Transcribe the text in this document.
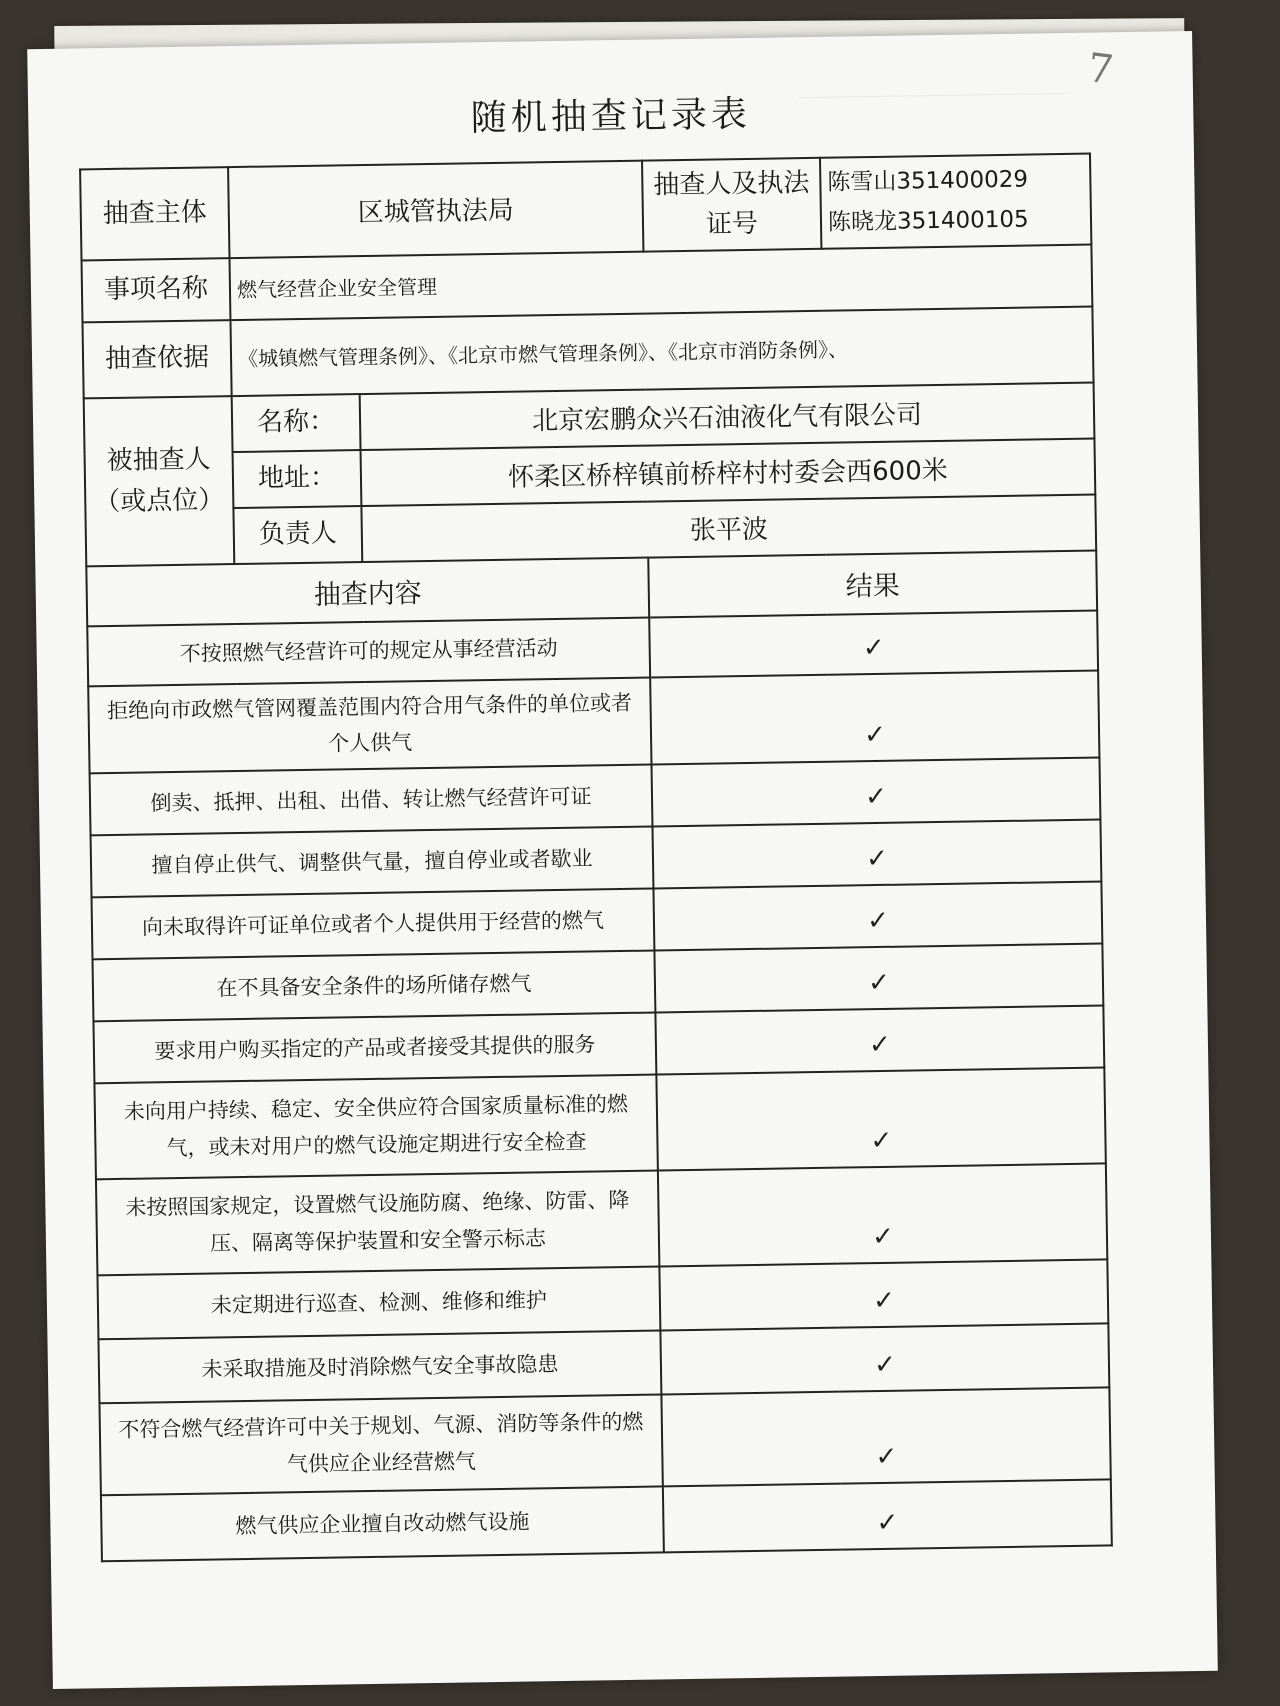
7
随机抽查记录表
抽查主体	区城管执法局		抽查人及执法证号	陈雪山351400029
陈晓龙351400105

事项名称	燃气经营企业安全管理			
抽查依据	《城镇燃气管理条例》、《北京市燃气管理条例》、《北京市消防条例》、			
被抽查人（或点位）	名称：	北京宏鹏众兴石油液化气有限公司		
	地址：	怀柔区桥梓镇前桥梓村村委会西600米		
	负责人	张平波		
抽查内容			结果	
不按照燃气经营许可的规定从事经营活动			✓	
拒绝向市政燃气管网覆盖范围内符合用气条件的单位或者个人供气			✓	
倒卖、抵押、出租、出借、转让燃气经营许可证			✓	
擅自停止供气、调整供气量，擅自停业或者歇业			✓	
向未取得许可证单位或者个人提供用于经营的燃气			✓	
在不具备安全条件的场所储存燃气			✓	
要求用户购买指定的产品或者接受其提供的服务			✓	
未向用户持续、稳定、安全供应符合国家质量标准的燃气，或未对用户的燃气设施定期进行安全检查			✓	
未按照国家规定，设置燃气设施防腐、绝缘、防雷、降压、隔离等保护装置和安全警示标志			✓	
未定期进行巡查、检测、维修和维护			✓	
未采取措施及时消除燃气安全事故隐患			✓	
不符合燃气经营许可中关于规划、气源、消防等条件的燃气供应企业经营燃气			✓	
燃气供应企业擅自改动燃气设施			✓	
